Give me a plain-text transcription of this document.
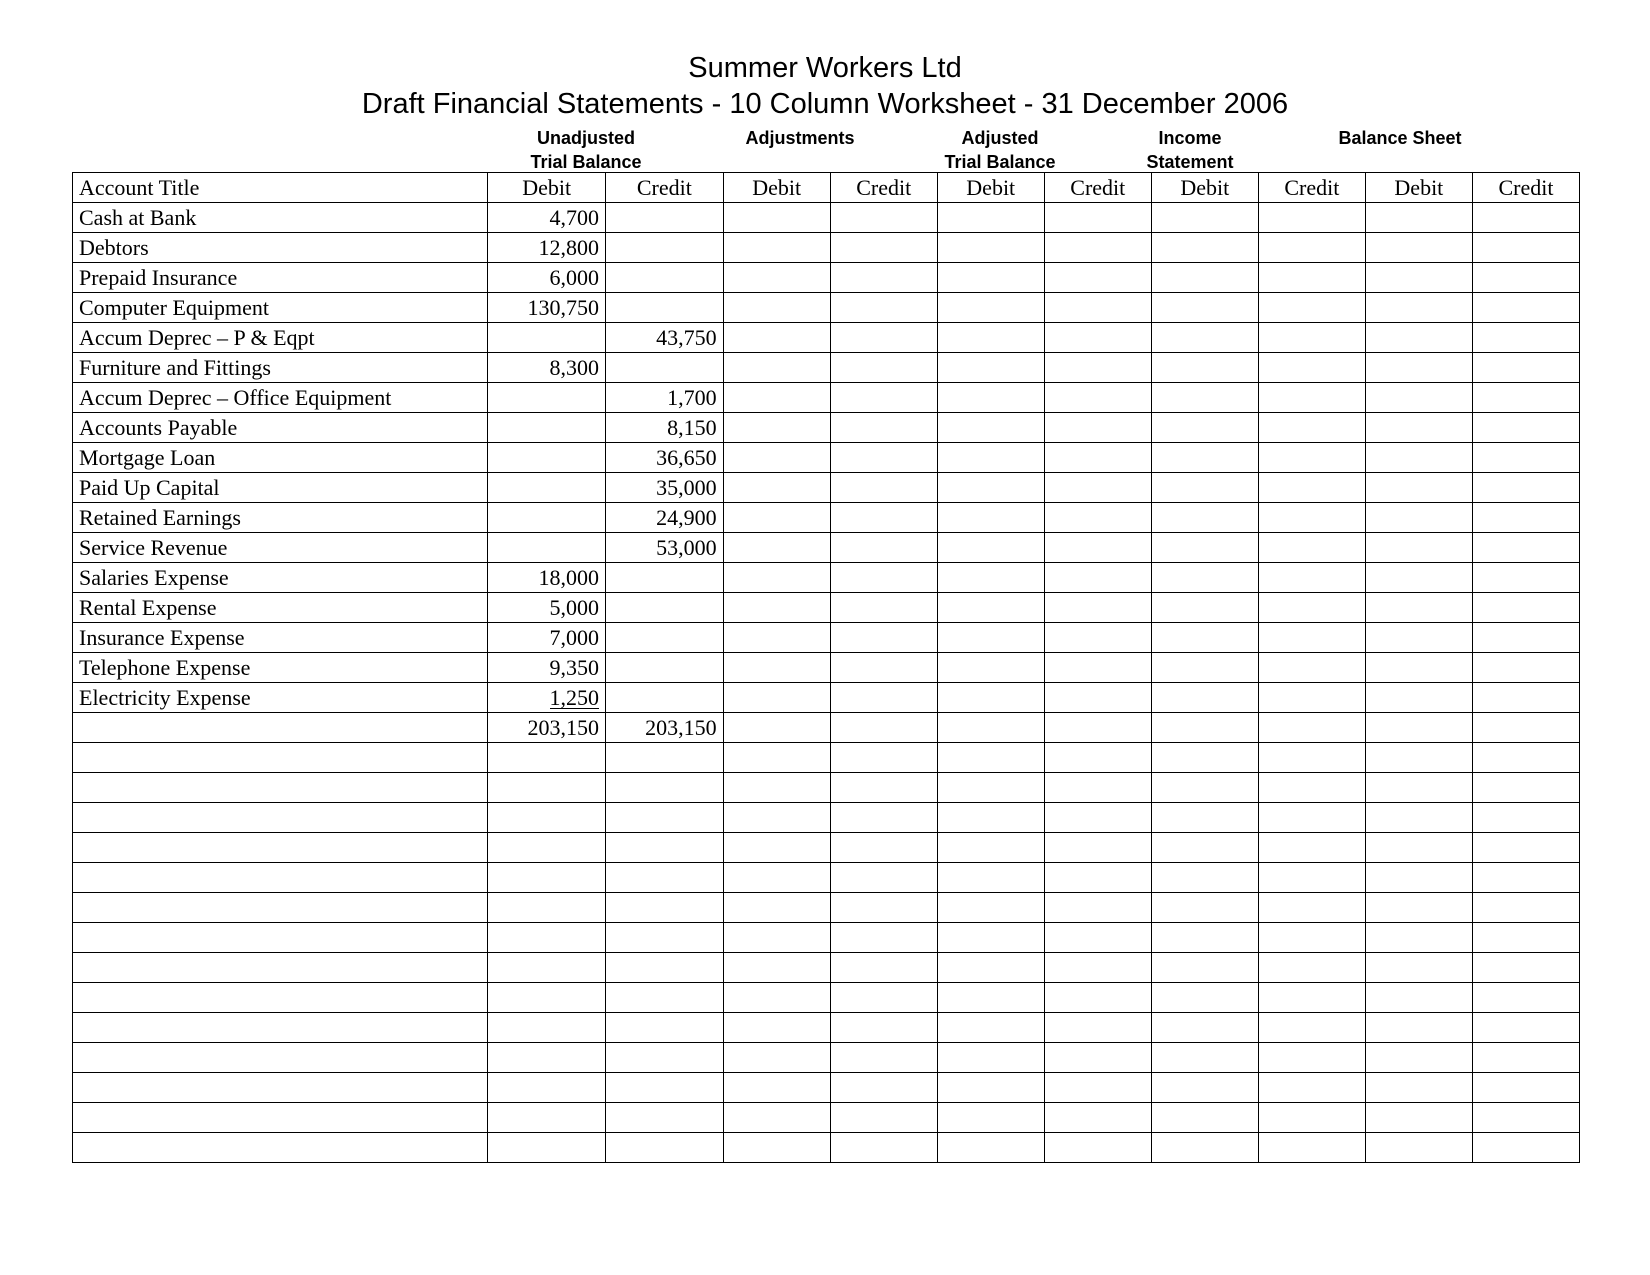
Summer Workers Ltd
Draft Financial Statements - 10 Column Worksheet - 31 December 2006
Unadjusted
Trial Balance
Adjustments	Adjusted
Trial Balance
Income
Statement
Balance Sheet
Account Title	Debit	Credit	Debit	Credit	Debit	Credit	Debit	Credit	Debit	Credit
Cash at Bank	4,700									
Debtors	12,800									
Prepaid Insurance	6,000									
Computer Equipment	130,750									
Accum Deprec – P & Eqpt		43,750								
Furniture and Fittings	8,300									
Accum Deprec – Office Equipment		1,700								
Accounts Payable		8,150								
Mortgage Loan		36,650								
Paid Up Capital		35,000								
Retained Earnings		24,900								
Service Revenue		53,000								
Salaries Expense	18,000									
Rental Expense	5,000									
Insurance Expense	7,000									
Telephone Expense	9,350									
Electricity Expense	1,250									
	203,150	203,150								
